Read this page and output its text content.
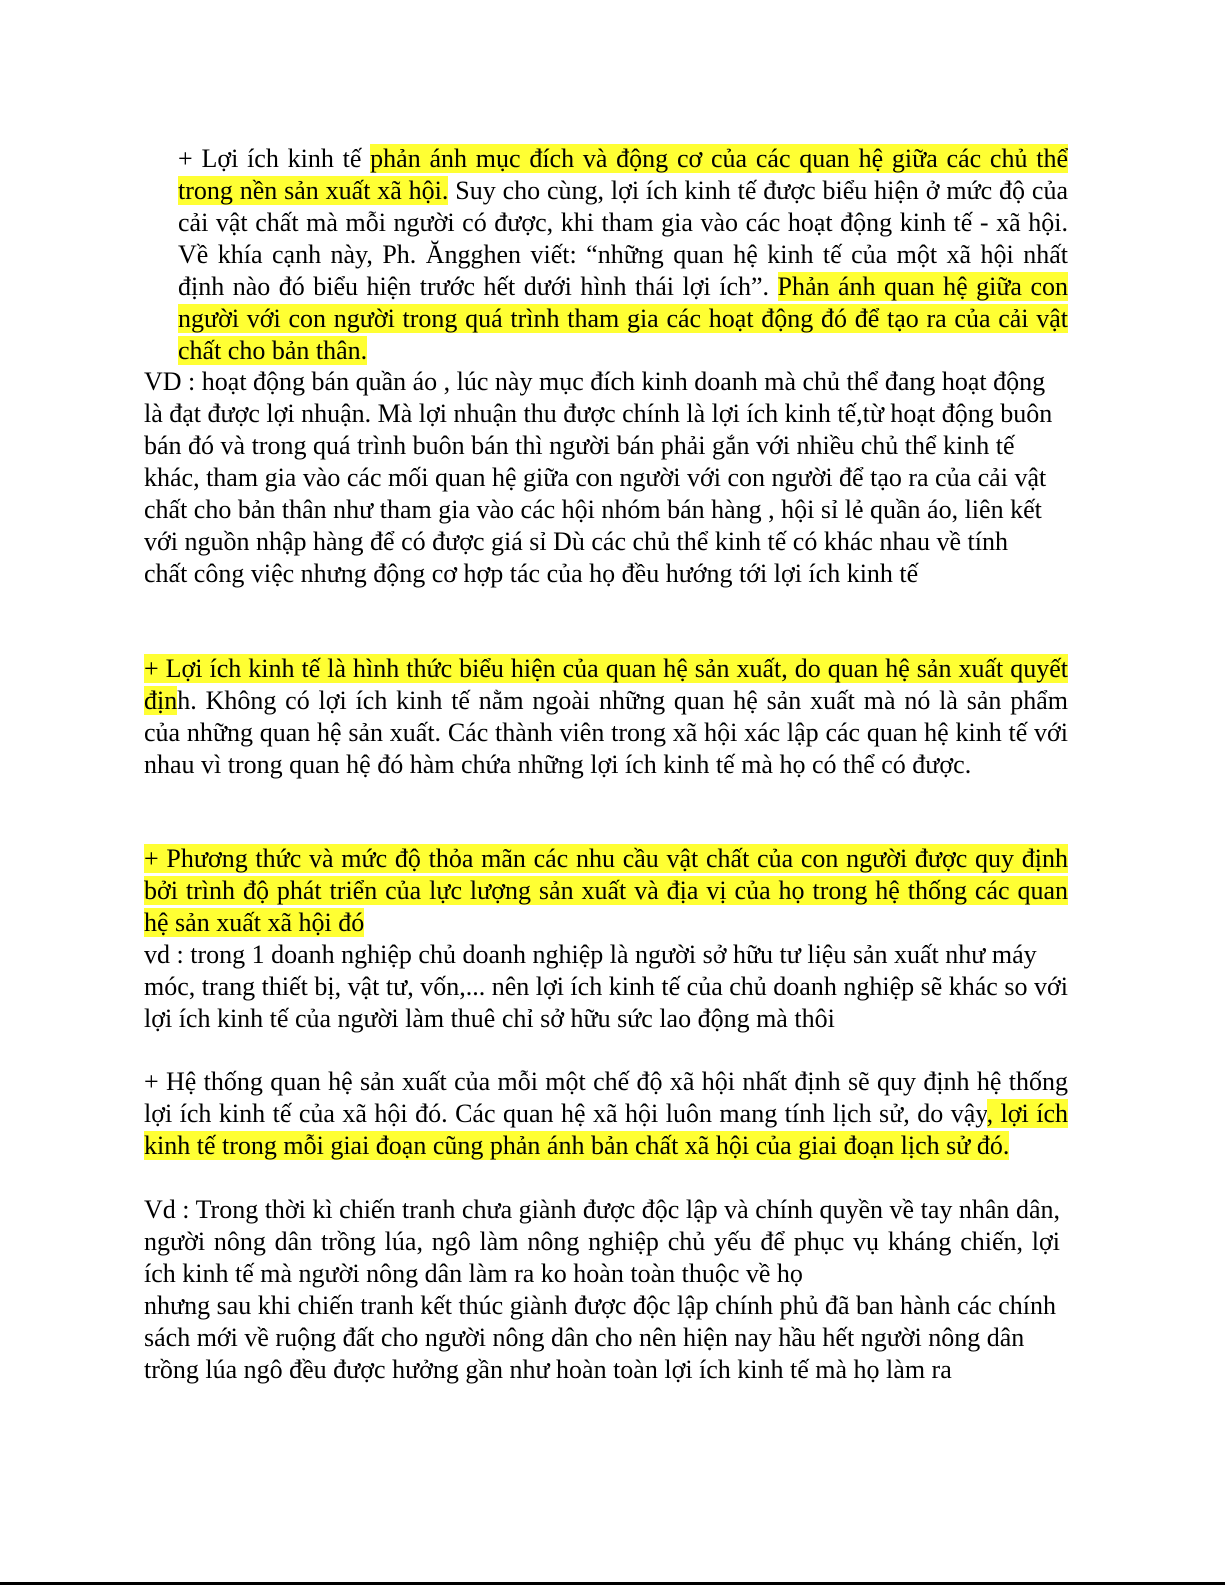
+ Lợi ích kinh tế phản ánh mục đích và động cơ của các quan hệ giữa các chủ thể trong nền sản xuất xã hội. Suy cho cùng, lợi ích kinh tế được biểu hiện ở mức độ của cải vật chất mà mỗi người có được, khi tham gia vào các hoạt động kinh tế - xã hội. Về khía cạnh này, Ph. Ăngghen viết: “những quan hệ kinh tế của một xã hội nhất định nào đó biểu hiện trước hết dưới hình thái lợi ích”. Phản ánh quan hệ giữa con người với con người trong quá trình tham gia các hoạt động đó để tạo ra của cải vật chất cho bản thân.

VD : hoạt động bán quần áo , lúc này mục đích kinh doanh mà chủ thể đang hoạt động là đạt được lợi nhuận. Mà lợi nhuận thu được chính là lợi ích kinh tế,từ hoạt động buôn bán đó và trong quá trình buôn bán thì người bán phải gắn với nhiều chủ thể kinh tế khác, tham gia vào các mối quan hệ giữa con người với con người để tạo ra của cải vật chất cho bản thân như tham gia vào các hội nhóm bán hàng , hội sỉ lẻ quần áo, liên kết với nguồn nhập hàng để có được giá sỉ Dù các chủ thể kinh tế có khác nhau về tính chất công việc nhưng động cơ hợp tác của họ đều hướng tới lợi ích kinh tế

+ Lợi ích kinh tế là hình thức biểu hiện của quan hệ sản xuất, do quan hệ sản xuất quyết định. Không có lợi ích kinh tế nằm ngoài những quan hệ sản xuất mà nó là sản phẩm của những quan hệ sản xuất. Các thành viên trong xã hội xác lập các quan hệ kinh tế với nhau vì trong quan hệ đó hàm chứa những lợi ích kinh tế mà họ có thể có được.

+ Phương thức và mức độ thỏa mãn các nhu cầu vật chất của con người được quy định bởi trình độ phát triển của lực lượng sản xuất và địa vị của họ trong hệ thống các quan hệ sản xuất xã hội đó

vd : trong 1 doanh nghiệp chủ doanh nghiệp là người sở hữu tư liệu sản xuất như máy móc, trang thiết bị, vật tư, vốn,... nên lợi ích kinh tế của chủ doanh nghiệp sẽ khác so với lợi ích kinh tế của người làm thuê chỉ sở hữu sức lao động mà thôi

+ Hệ thống quan hệ sản xuất của mỗi một chế độ xã hội nhất định sẽ quy định hệ thống lợi ích kinh tế của xã hội đó. Các quan hệ xã hội luôn mang tính lịch sử, do vậy, lợi ích kinh tế trong mỗi giai đoạn cũng phản ánh bản chất xã hội của giai đoạn lịch sử đó.

Vd : Trong thời kì chiến tranh chưa giành được độc lập và chính quyền về tay nhân dân, người nông dân trồng lúa, ngô làm nông nghiệp chủ yếu để phục vụ kháng chiến, lợi ích kinh tế mà người nông dân làm ra ko hoàn toàn thuộc về họ

nhưng sau khi chiến tranh kết thúc giành được độc lập chính phủ đã ban hành các chính sách mới về ruộng đất cho người nông dân cho nên hiện nay hầu hết người nông dân trồng lúa ngô đều được hưởng gần như hoàn toàn lợi ích kinh tế mà họ làm ra
